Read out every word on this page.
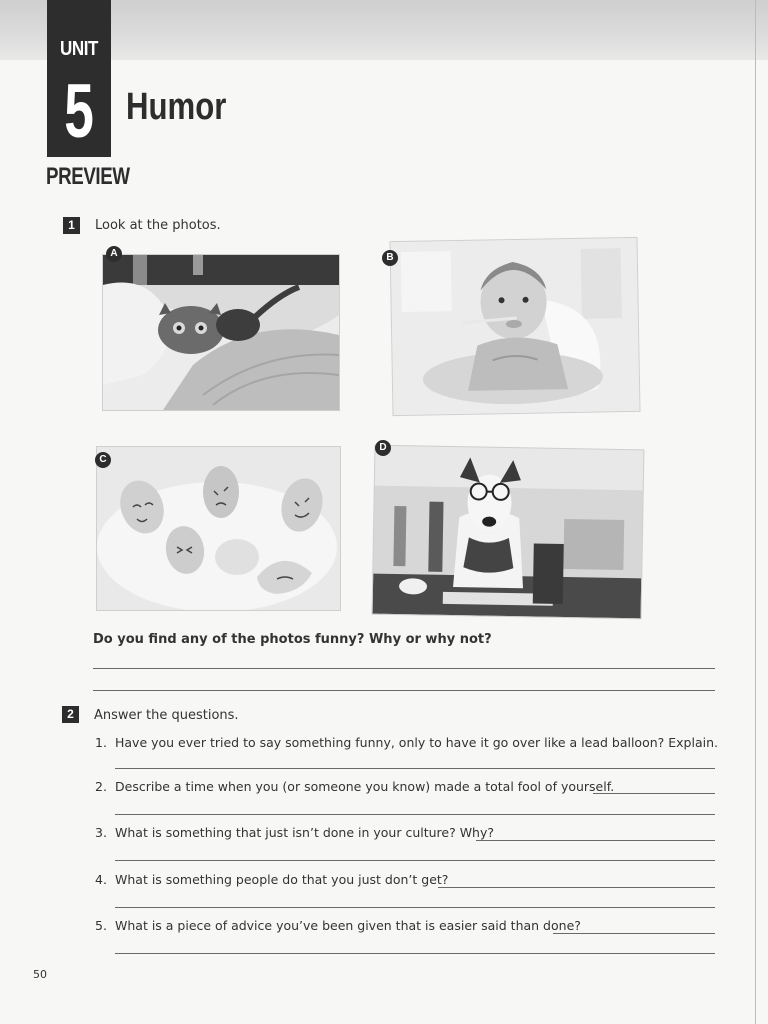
UNIT
5 Humor
PREVIEW
1	Look at the photos.
A	B
C
D
Do you find any of the photos funny? Why or why not?
2	Answer the questions.
1. Have you ever tried to say something funny, only to have it go over like a lead balloon? Explain.
2. Describe a time when you (or someone you know) made a total fool of yourself.
3. What is something that just isn’t done in your culture? Why?
4. What is something people do that you just don’t get?
5. What is a piece of advice you’ve been given that is easier said than done?
50
